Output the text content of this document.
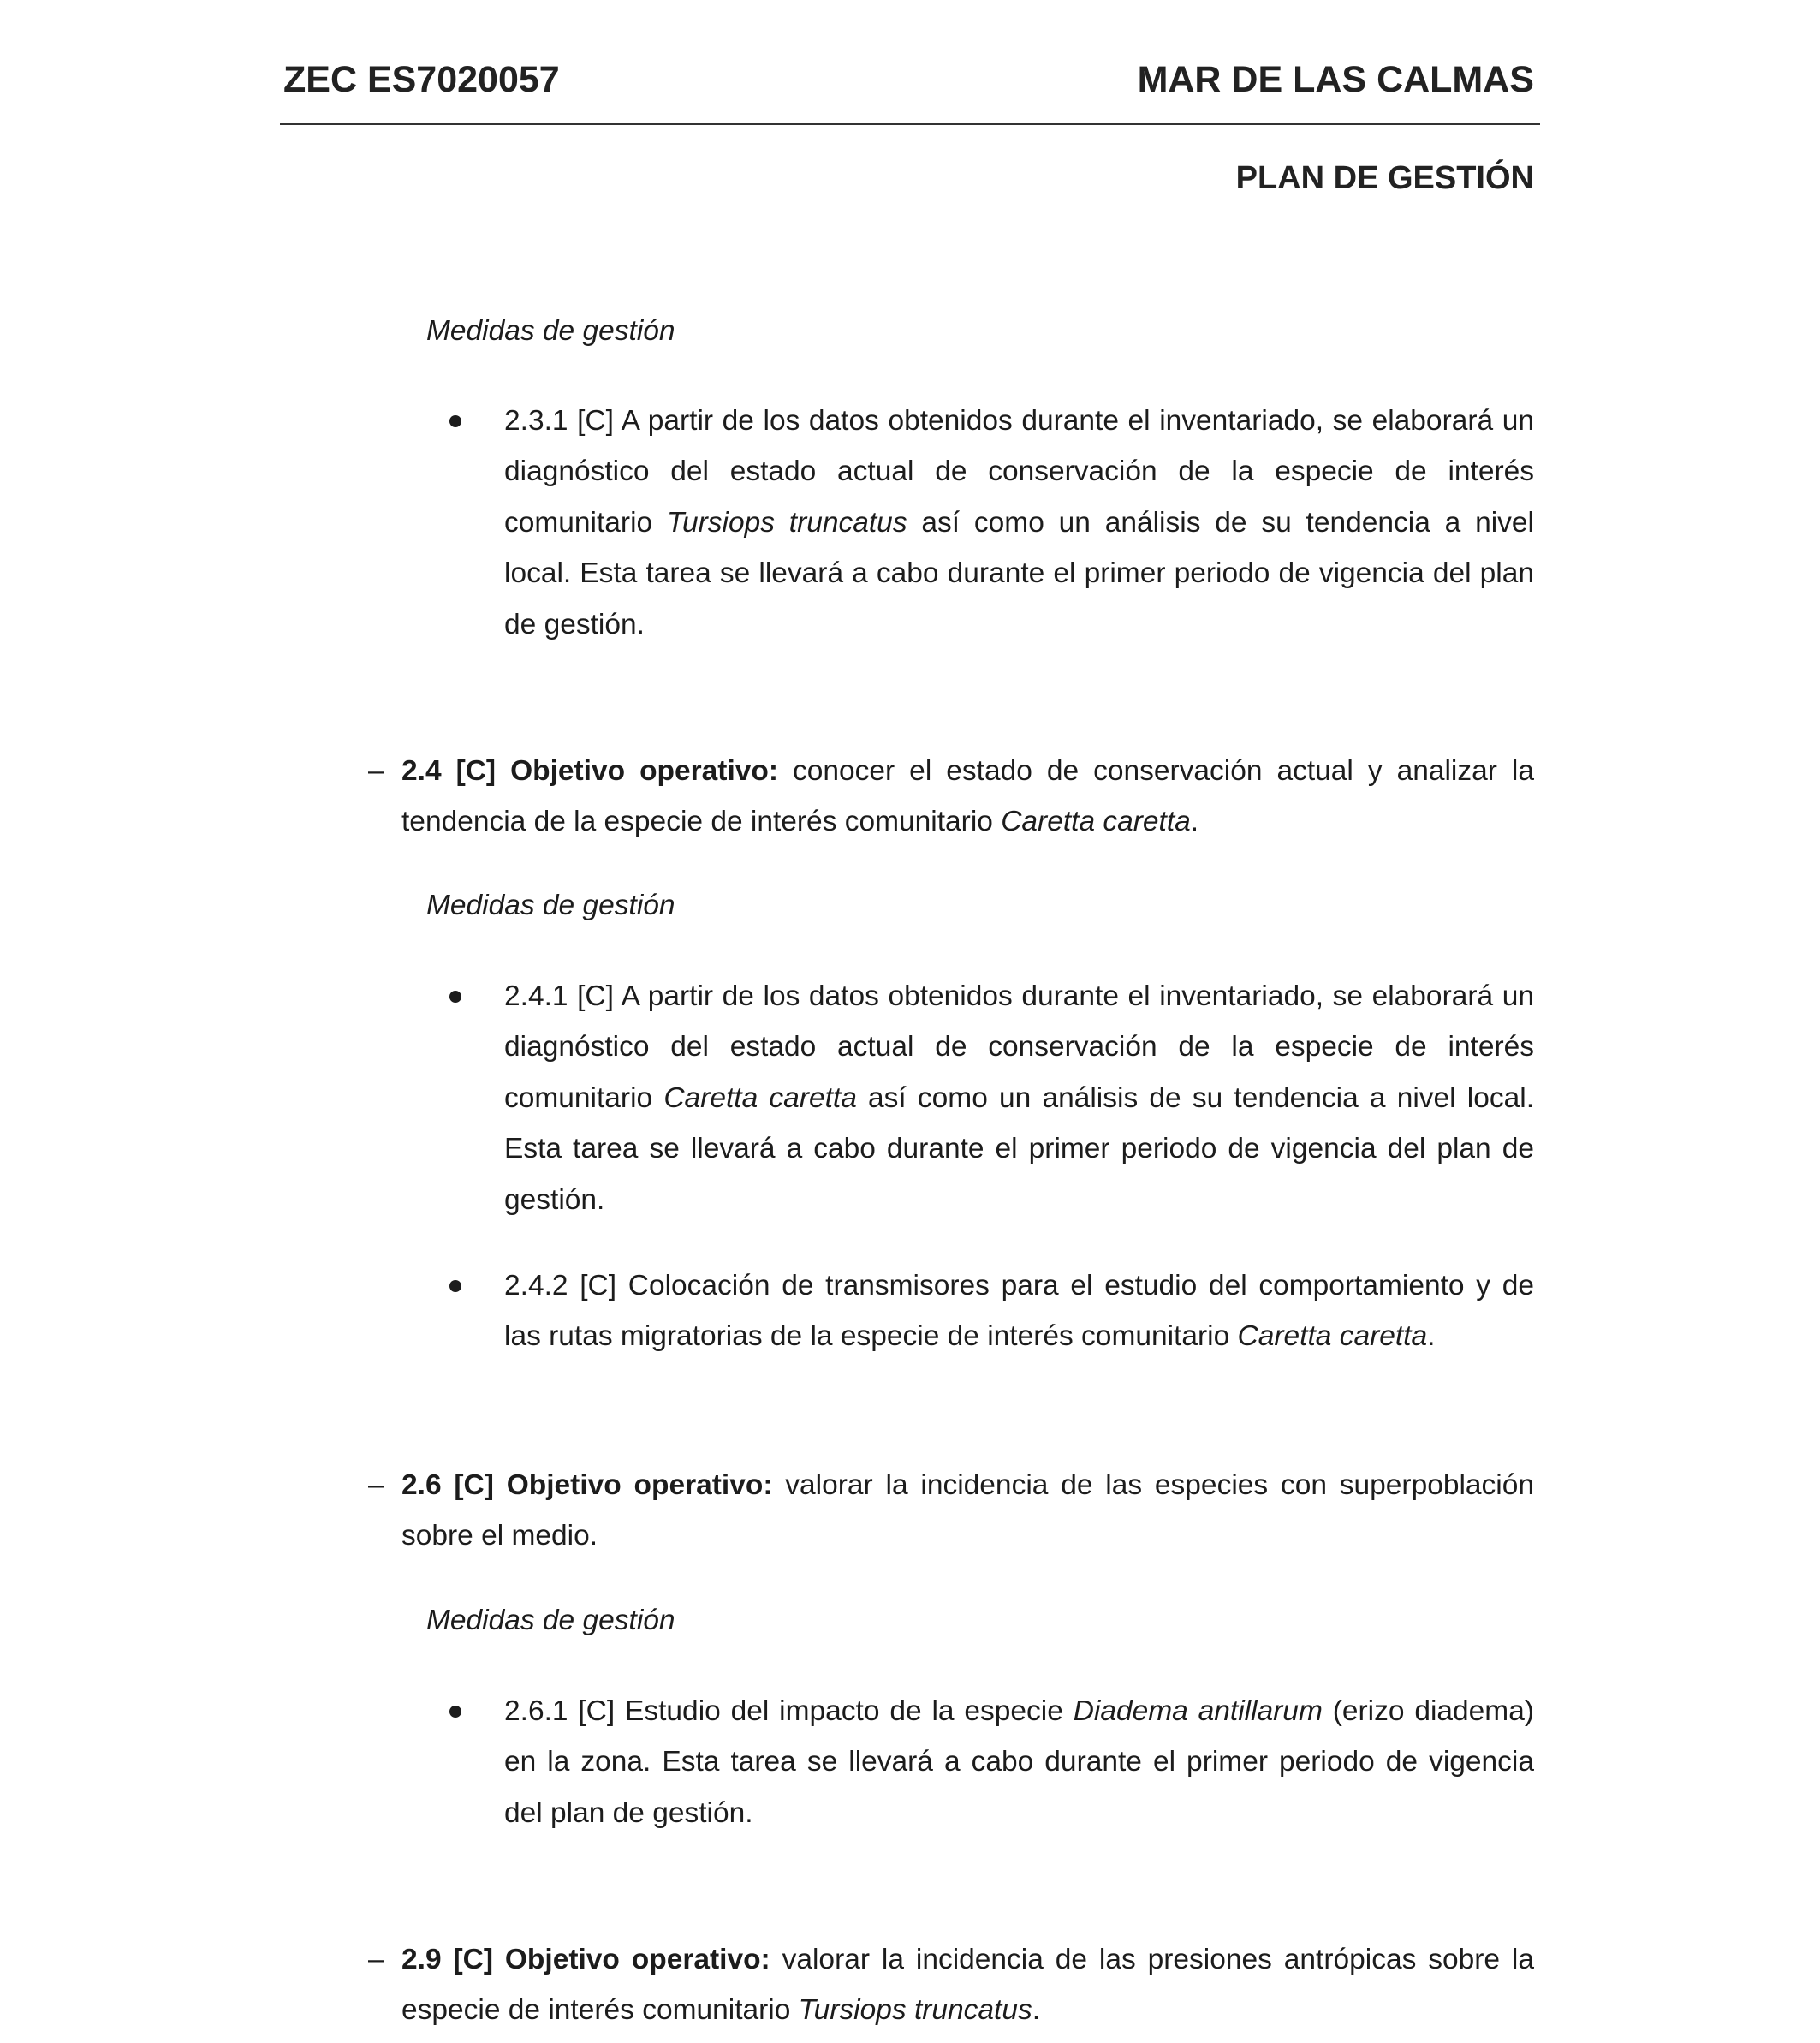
ZEC ES7020057	MAR DE LAS CALMAS
PLAN DE GESTIÓN
Medidas de gestión
2.3.1 [C] A partir de los datos obtenidos durante el inventariado, se elaborará un diagnóstico del estado actual de conservación de la especie de interés comunitario Tursiops truncatus así como un análisis de su tendencia a nivel local. Esta tarea se llevará a cabo durante el primer periodo de vigencia del plan de gestión.
– 2.4 [C] Objetivo operativo: conocer el estado de conservación actual y analizar la tendencia de la especie de interés comunitario Caretta caretta.
Medidas de gestión
2.4.1 [C] A partir de los datos obtenidos durante el inventariado, se elaborará un diagnóstico del estado actual de conservación de la especie de interés comunitario Caretta caretta así como un análisis de su tendencia a nivel local. Esta tarea se llevará a cabo durante el primer periodo de vigencia del plan de gestión.
2.4.2 [C] Colocación de transmisores para el estudio del comportamiento y de las rutas migratorias de la especie de interés comunitario Caretta caretta.
– 2.6 [C] Objetivo operativo: valorar la incidencia de las especies con superpoblación sobre el medio.
Medidas de gestión
2.6.1 [C] Estudio del impacto de la especie Diadema antillarum (erizo diadema) en la zona. Esta tarea se llevará a cabo durante el primer periodo de vigencia del plan de gestión.
– 2.9 [C] Objetivo operativo: valorar la incidencia de las presiones antrópicas sobre la especie de interés comunitario Tursiops truncatus.
